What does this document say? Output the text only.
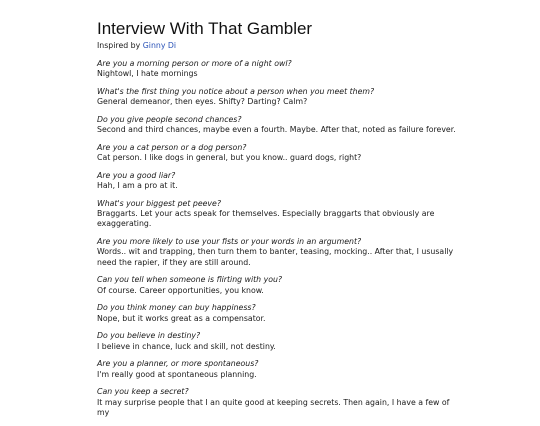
Interview With That Gambler
Inspired by Ginny Di
Are you a morning person or more of a night owl?
Nightowl, I hate mornings
What's the first thing you notice about a person when you meet them?
General demeanor, then eyes. Shifty? Darting? Calm?
Do you give people second chances?
Second and third chances, maybe even a fourth. Maybe. After that, noted as failure forever.
Are you a cat person or a dog person?
Cat person. I like dogs in general, but you know.. guard dogs, right?
Are you a good liar?
Hah, I am a pro at it.
What's your biggest pet peeve?
Braggarts. Let your acts speak for themselves. Especially braggarts that obviously are exaggerating.
Are you more likely to use your fists or your words in an argument?
Words.. wit and trapping, then turn them to banter, teasing, mocking.. After that, I ususally need the rapier, if they are still around.
Can you tell when someone is flirting with you?
Of course. Career opportunities, you know.
Do you think money can buy happiness?
Nope, but it works great as a compensator.
Do you believe in destiny?
I believe in chance, luck and skill, not destiny.
Are you a planner, or more spontaneous?
I'm really good at spontaneous planning.
Can you keep a secret?
It may surprise people that I an quite good at keeping secrets. Then again, I have a few of my
